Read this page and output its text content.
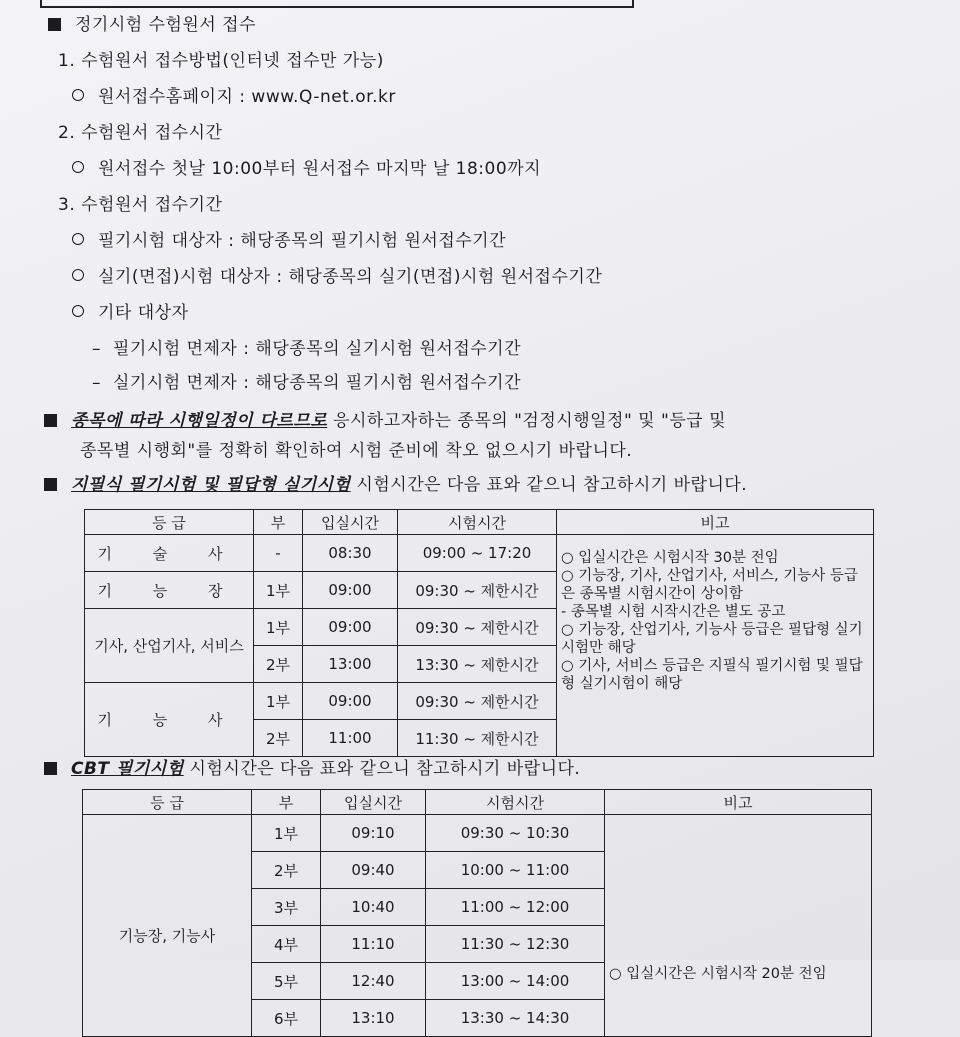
정기시험 수험원서 접수
1. 수험원서 접수방법(인터넷 접수만 가능)
원서접수홈페이지 : www.Q-net.or.kr
2. 수험원서 접수시간
원서접수 첫날 10:00부터 원서접수 마지막 날 18:00까지
3. 수험원서 접수기간
필기시험 대상자 : 해당종목의 필기시험 원서접수기간
실기(면접)시험 대상자 : 해당종목의 실기(면접)시험 원서접수기간
기타 대상자
– 필기시험 면제자 : 해당종목의 실기시험 원서접수기간
– 실기시험 면제자 : 해당종목의 필기시험 원서접수기간
종목에 따라 시행일정이 다르므로 응시하고자하는 종목의 "검정시행일정" 및 "등급 및
종목별 시행회"를 정확히 확인하여 시험 준비에 착오 없으시기 바랍니다.
지필식 필기시험 및 필답형 실기시험 시험시간은 다음 표와 같으니 참고하시기 바랍니다.
등 급	부	입실시간	시험시간	비고
기 술 사	-	08:30	09:00 ~ 17:20	○ 입실시간은 시험시작 30분 전임
○ 기능장, 기사, 산업기사, 서비스, 기능사 등급은 종목별 시험시간이 상이함
- 종목별 시험 시작시간은 별도 공고
○ 기능장, 산업기사, 기능사 등급은 필답형 실기시험만 해당
○ 기사, 서비스 등급은 지필식 필기시험 및 필답형 실기시험이 해당

기 능 장	1부	09:00	09:30 ~ 제한시간	
기사, 산업기사, 서비스	1부	09:00	09:30 ~ 제한시간	
	2부	13:00	13:30 ~ 제한시간	
기 능 사	1부	09:00	09:30 ~ 제한시간	
	2부	11:00	11:30 ~ 제한시간	
CBT 필기시험 시험시간은 다음 표와 같으니 참고하시기 바랍니다.
등 급	부	입실시간	시험시간	비고
기능장, 기능사	1부	09:10	09:30 ~ 10:30	○ 입실시간은 시험시작 20분 전임

	2부	09:40	10:00 ~ 11:00	
	3부	10:40	11:00 ~ 12:00	
	4부	11:10	11:30 ~ 12:30	
	5부	12:40	13:00 ~ 14:00	
	6부	13:10	13:30 ~ 14:30	
